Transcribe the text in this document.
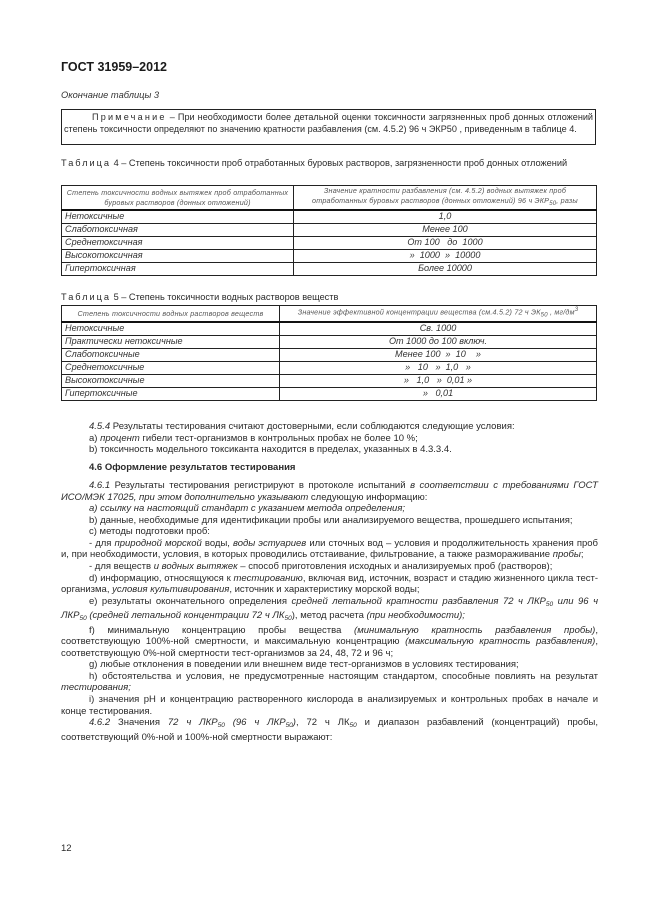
ГОСТ 31959–2012
Окончание таблицы 3
Примечание – При необходимости более детальной оценки токсичности загрязненных проб донных отложений степень токсичности определяют по значению кратности разбавления (см. 4.5.2) 96 ч ЭКР50 , приведенным в таблице 4.
Таблица 4 – Степень токсичности проб отработанных буровых растворов, загрязненности проб донных отложений
Степень токсичности водных вытяжек проб отработанных буровых растворов (донных отложений)	Значение кратности разбавления (см. 4.5.2) водных вытяжек проб отработанных буровых растворов (донных отложений) 96 ч $ЭКР_{50}$, разы
Нетоксичные	1,0
Слаботоксичная	Менее 100
Среднетоксичная	От 100   до  1000
Высокотоксичная	»  1000  »  10000
Гипертоксичная	Более 10000
Таблица 5 – Степень токсичности водных растворов веществ
Степень токсичности водных растворов веществ	Значение эффективной концентрации вещества (см.4.5.2) 72 ч $ЭК_{50}$ , $мг/дм^3$
Нетоксичные	Св. 1000
Практически нетоксичные	От 1000 до 100 включ.
Слаботоксичные	Менее 100  »  10    »
Среднетоксичные	»   10   »  1,0   »
Высокотоксичные	»   1,0   »  0,01 »
Гипертоксичные	»   0,01

4.5.4 Результаты тестирования считают достоверными, если соблюдаются следующие условия:

а) процент гибели тест-организмов в контрольных пробах не более 10 %;

b) токсичность модельного токсиканта находится в пределах, указанных в 4.3.3.4.

4.6 Оформление результатов тестирования

4.6.1 Результаты тестирования регистрируют в протоколе испытаний в соответствии с требованиями ГОСТ ИСО/МЭК 17025, при этом дополнительно указывают следующую информацию:

а) ссылку на настоящий стандарт с указанием метода определения;

b) данные, необходимые для идентификации пробы или анализируемого вещества, прошедшего испытания;

с) методы подготовки проб:

- для природной морской воды, воды эстуариев или сточных вод – условия и продолжительность хранения проб и, при необходимости, условия, в которых проводились отстаивание, фильтрование, а также размораживание пробы;

- для веществ и водных вытяжек – способ приготовления исходных и анализируемых проб (растворов);

d) информацию, относящуюся к тестированию, включая вид, источник, возраст и стадию жизненного цикла тест-организма, условия культивирования, источник и характеристику морской воды;

е) результаты окончательного определения средней летальной кратности разбавления 72 ч $ЛКР_{50}$ или 96 ч $ЛКР_{50}$ (средней летальной концентрации 72 ч $ЛК_{50}$), метод расчета (при необходимости);

f) минимальную концентрацию пробы вещества (минимальную кратность разбавления пробы), соответствующую 100%-ной смертности, и максимальную концентрацию (максимальную кратность разбавления), соответствующую 0%-ной смертности тест-организмов за 24, 48, 72 и 96 ч;

g) любые отклонения в поведении или внешнем виде тест-организмов в условиях тестирования;

h) обстоятельства и условия, не предусмотренные настоящим стандартом, способные повлиять на результат тестирования;

i) значения рН и концентрацию растворенного кислорода в анализируемых и контрольных пробах в начале и конце тестирования.

4.6.2 Значения 72 ч $ЛКР_{50}$ (96 ч $ЛКР_{50}$), 72 ч $ЛК_{50}$ и диапазон разбавлений (концентраций) пробы, соответствующий 0%-ной и 100%-ной смертности выражают:

12
